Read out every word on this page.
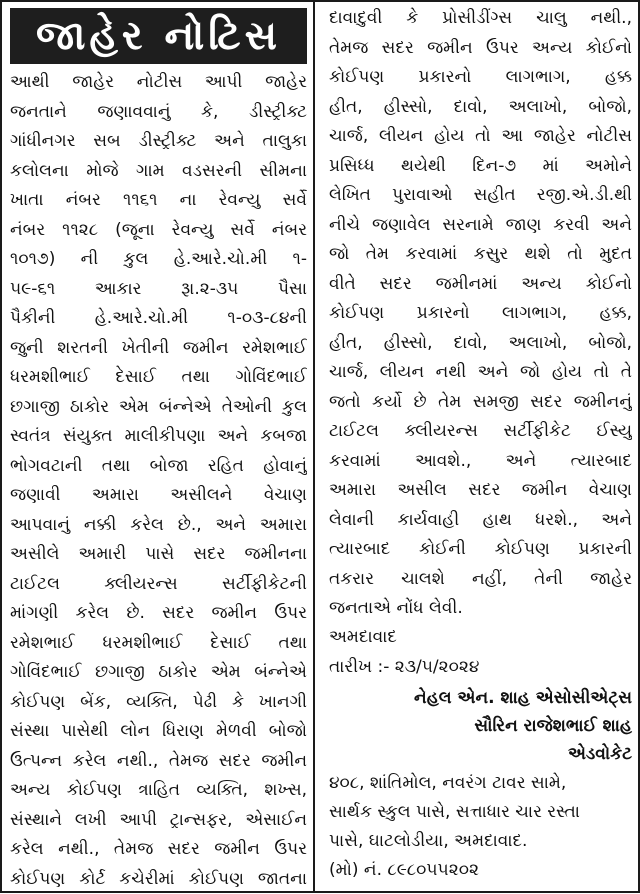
જાહેર નોટિસ
આથી જાહેર નોટીસ આપી જાહેર
જનતાને જણાવવાનું કે, ડીસ્ટ્રીક્ટ
ગાંધીનગર સબ ડીસ્ટ્રીક્ટ અને તાલુકા
કલોલના મોજે ગામ વડસરની સીમના
ખાતા નંબર ૧૧૬૧ ના રેવન્યુ સર્વે
નંબર ૧૧૨૮ (જૂના રેવન્યુ સર્વે નંબર
૧૦૧૭) ની કુલ હે.આરે.ચો.મી ૧-
૫૯-૬૧ આકાર રૂા.૨-૩૫ પૈસા
પૈકીની હે.આરે.ચો.મી ૧-૦૩-૮૪ની
જુની શરતની ખેતીની જમીન રમેશભાઈ
ધરમશીભાઈ દેસાઈ તથા ગોવિંદભાઈ
છગાજી ઠાકોર એમ બંન્નેએ તેઓની કુલ
સ્વતંત્ર સંયુક્ત માલીકીપણા અને કબજા
ભોગવટાની તથા બોજા રહિત હોવાનું
જણાવી અમારા અસીલને વેચાણ
આપવાનું નક્કી કરેલ છે., અને અમારા
અસીલે અમારી પાસે સદર જમીનના
ટાઈટલ ક્લીયરન્સ સર્ટીફીકેટની
માંગણી કરેલ છે. સદર જમીન ઉપર
રમેશભાઈ ધરમશીભાઈ દેસાઈ તથા
ગોવિંદભાઈ છગાજી ઠાકોર એમ બંન્નેએ
કોઈપણ બેંક, વ્યક્તિ, પેઢી કે ખાનગી
સંસ્થા પાસેથી લોન ધિરાણ મેળવી બોજો
ઉત્પન્ન કરેલ નથી., તેમજ સદર જમીન
અન્ય કોઈપણ ત્રાહિત વ્યક્તિ, શખ્સ,
સંસ્થાને લખી આપી ટ્રાન્સફર, એસાઈન
કરેલ નથી., તેમજ સદર જમીન ઉપર
કોઈપણ કોર્ટ કચેરીમાં કોઈપણ જાતના
દાવાદુવી કે પ્રોસીડીંગ્સ ચાલુ નથી.,
તેમજ સદર જમીન ઉપર અન્ય કોઈનો
કોઈપણ પ્રકારનો લાગભાગ, હક્ક
હીત, હીસ્સો, દાવો, અલાખો, બોજો,
ચાર્જ, લીયન હોય તો આ જાહેર નોટીસ
પ્રસિધ્ધ થયેથી દિન-૭ માં અમોને
લેખિત પુરાવાઓ સહીત રજી.એ.ડી.થી
નીચે જણાવેલ સરનામે જાણ કરવી અને
જો તેમ કરવામાં કસુર થશે તો મુદત
વીતે સદર જમીનમાં અન્ય કોઈનો
કોઈપણ પ્રકારનો લાગભાગ, હક્ક,
હીત, હીસ્સો, દાવો, અલાખો, બોજો,
ચાર્જ, લીયન નથી અને જો હોય તો તે
જતો કર્યો છે તેમ સમજી સદર જમીનનું
ટાઈટલ ક્લીયરન્સ સર્ટીફીકેટ ઈસ્યુ
કરવામાં આવશે., અને ત્યારબાદ
અમારા અસીલ સદર જમીન વેચાણ
લેવાની કાર્યવાહી હાથ ધરશે., અને
ત્યારબાદ કોઈની કોઈપણ પ્રકારની
તકરાર ચાલશે નહીં, તેની જાહેર
જનતાએ નોંધ લેવી.
અમદાવાદ
તારીખ :- ૨૩/૫/૨૦૨૪
નેહલ એન. શાહ એસોસીએટ્સ
સૌરિન રાજેશભાઈ શાહ
એડવોકેટ
૪૦૮, શાંતિમોલ, નવરંગ ટાવર સામે,
સાર્થક સ્કુલ પાસે, સત્તાધાર ચાર રસ્તા
પાસે, ઘાટલોડીયા, અમદાવાદ.
(મો) નં. ૮૯૮૦૫૫૨૦૨
